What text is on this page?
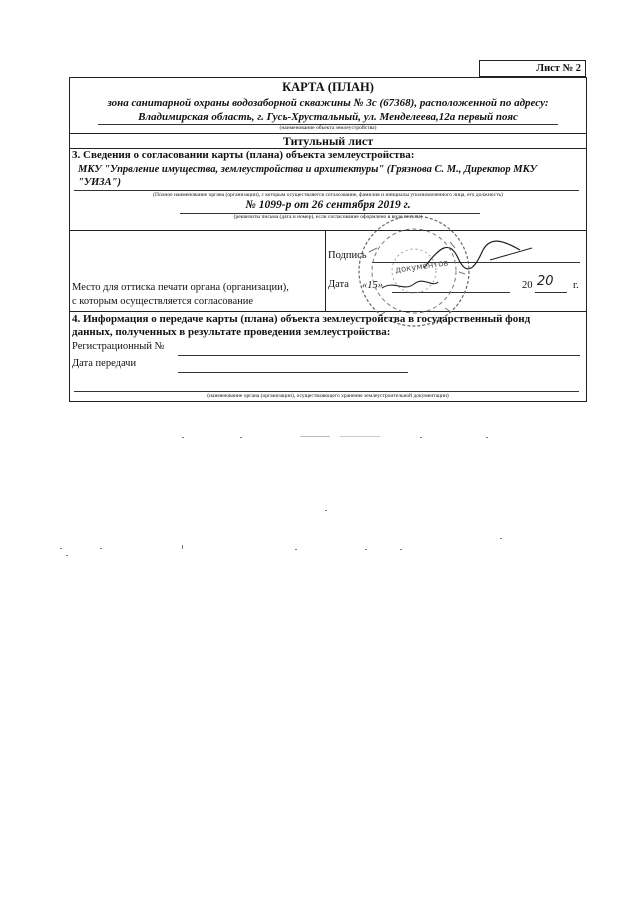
Лист № 2
КАРТА (ПЛАН)
зона санитарной охраны водозаборной скважины № 3с (67368), расположенной по адресу:
Владимирская область, г. Гусь-Хрустальный, ул. Менделеева,12а первый пояс
(наименование объекта землеустройства)
Титульный лист
3. Сведения о согласовании карты (плана) объекта землеустройства:
МКУ "Упрвление имущества, землеустройства и архитектуры" (Грязнова С. М., Директор МКУ
"УИЗА")
(Полное наименование органа (организации), с которым осуществляется согласование, фамилия и инициалы уполномоченного лица, его должность)
№ 1099-р от 26 сентября 2019 г.
(реквизиты письма (дата и номер), если согласование оформлено в виде письма)
Место для оттиска печати органа (организации),
с которым осуществляется согласование
Подпись
Дата «15»	20 20 г.
документов
4. Информация о передаче карты (плана) объекта землеустройства в государственный фонд
данных, полученных в результате проведения землеустройства:
Регистрационный №
Дата передачи
(наименование органа (организации), осуществляющего хранение землеустроительной документации)
